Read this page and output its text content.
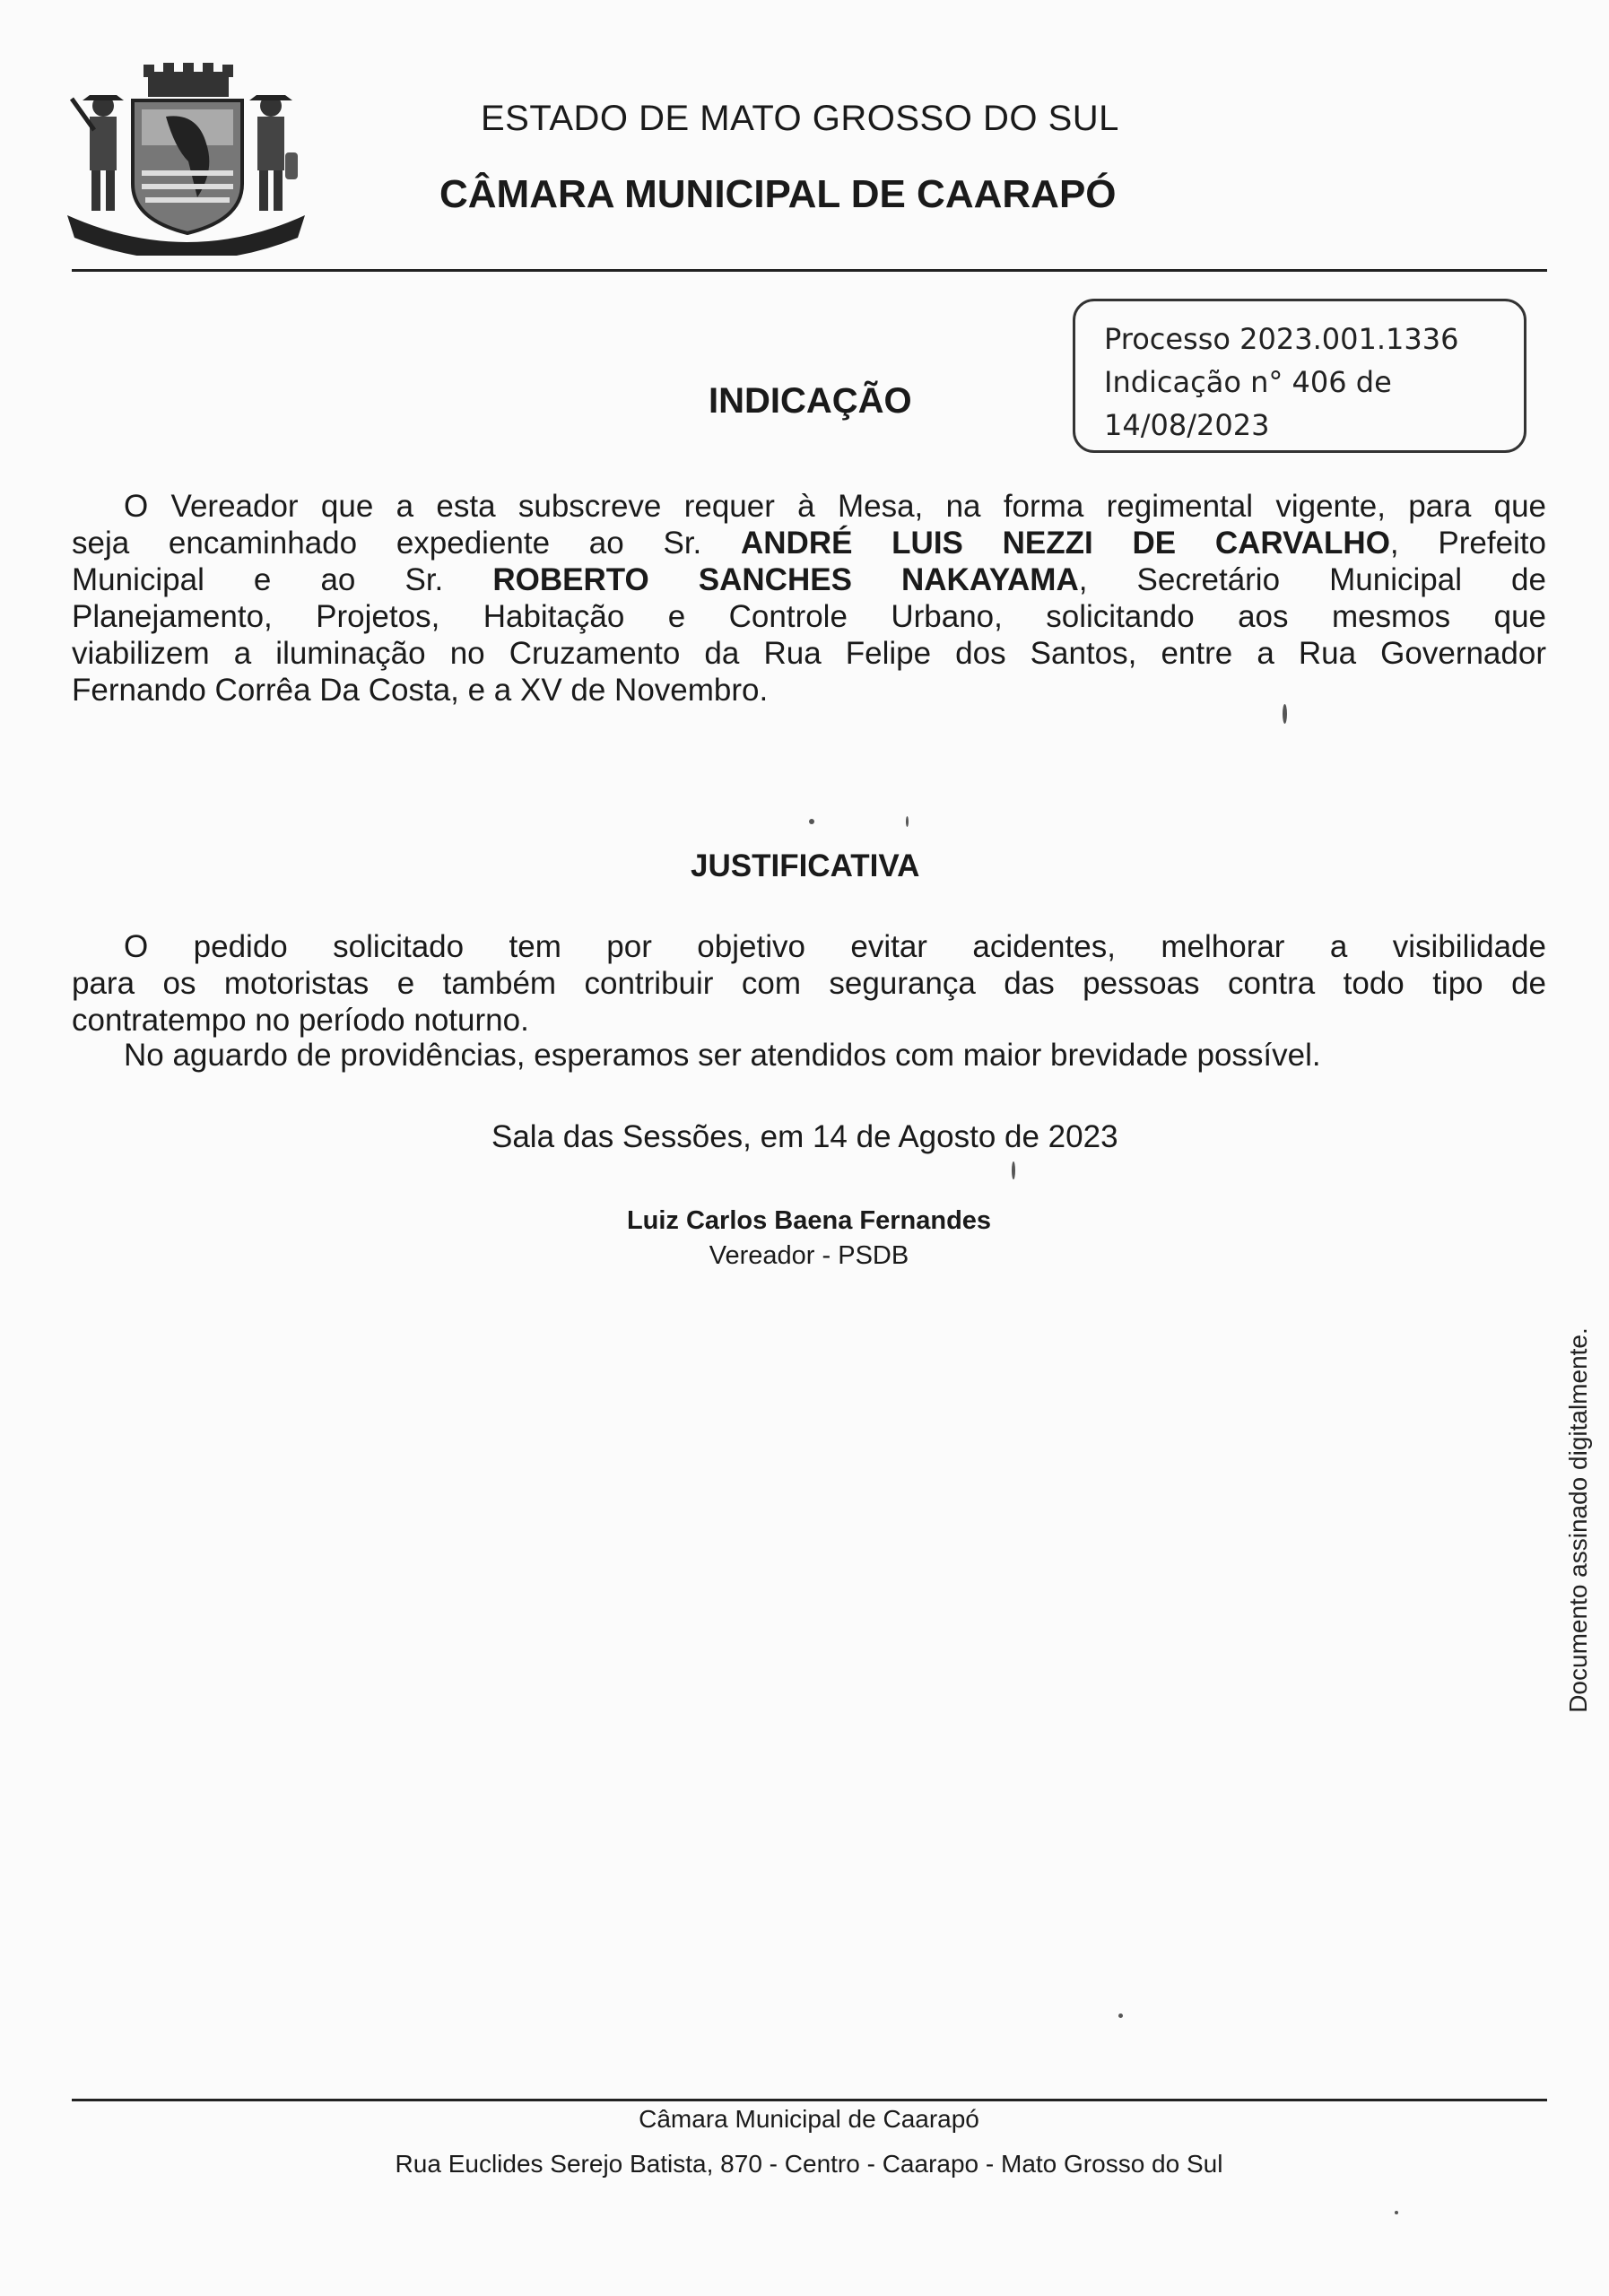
ESTADO DE MATO GROSSO DO SUL
CÂMARA MUNICIPAL DE CAARAPÓ
Processo 2023.001.1336
Indicação n° 406 de
14/08/2023
INDICAÇÃO
O Vereador que a esta subscreve requer à Mesa, na forma regimental vigente, para que
seja encaminhado expediente ao Sr. ANDRÉ LUIS NEZZI DE CARVALHO, Prefeito
Municipal e ao Sr. ROBERTO SANCHES NAKAYAMA, Secretário Municipal de
Planejamento, Projetos, Habitação e Controle Urbano, solicitando aos mesmos que
viabilizem a iluminação no Cruzamento da Rua Felipe dos Santos, entre a Rua Governador
Fernando Corrêa Da Costa, e a XV de Novembro.
JUSTIFICATIVA
O pedido solicitado tem por objetivo evitar acidentes, melhorar a visibilidade
para os motoristas e também contribuir com segurança das pessoas contra todo tipo de
contratempo no período noturno.
No aguardo de providências, esperamos ser atendidos com maior brevidade possível.
Sala das Sessões, em 14 de Agosto de 2023
Luiz Carlos Baena Fernandes
Vereador - PSDB
Documento assinado digitalmente.
Câmara Municipal de Caarapó
Rua Euclides Serejo Batista, 870 - Centro - Caarapo - Mato Grosso do Sul
